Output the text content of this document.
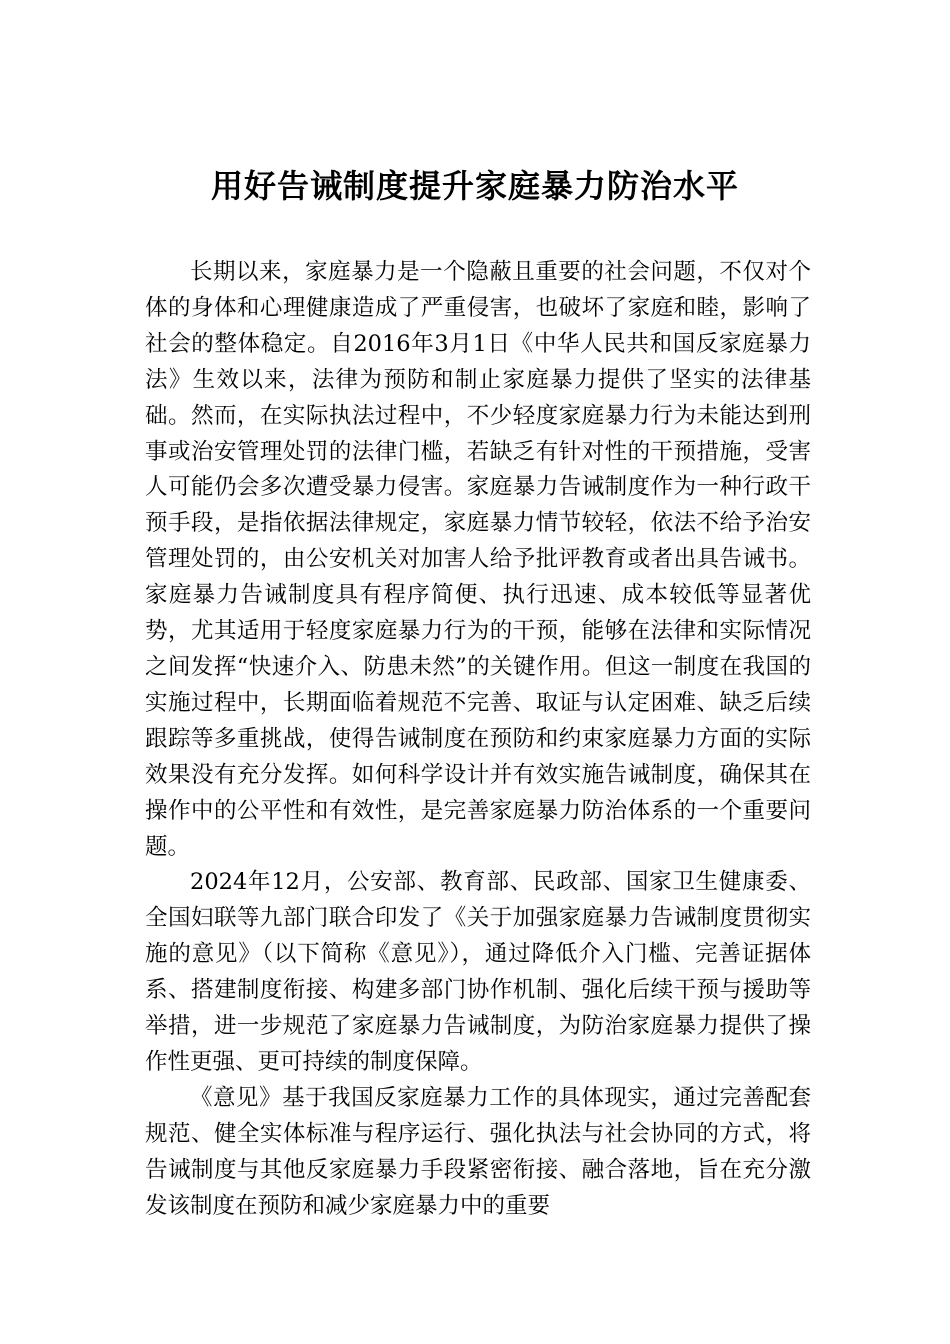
用好告诫制度提升家庭暴力防治水平

长期以来，家庭暴力是一个隐蔽且重要的社会问题，不仅对个体的身体和心理健康造成了严重侵害，也破坏了家庭和睦，影响了社会的整体稳定。自2016年3月1日《中华人民共和国反家庭暴力法》生效以来，法律为预防和制止家庭暴力提供了坚实的法律基础。然而，在实际执法过程中，不少轻度家庭暴力行为未能达到刑事或治安管理处罚的法律门槛，若缺乏有针对性的干预措施，受害人可能仍会多次遭受暴力侵害。家庭暴力告诫制度作为一种行政干预手段，是指依据法律规定，家庭暴力情节较轻，依法不给予治安管理处罚的，由公安机关对加害人给予批评教育或者出具告诫书。家庭暴力告诫制度具有程序简便、执行迅速、成本较低等显著优势，尤其适用于轻度家庭暴力行为的干预，能够在法律和实际情况之间发挥“快速介入、防患未然”的关键作用。但这一制度在我国的实施过程中，长期面临着规范不完善、取证与认定困难、缺乏后续跟踪等多重挑战，使得告诫制度在预防和约束家庭暴力方面的实际效果没有充分发挥。如何科学设计并有效实施告诫制度，确保其在操作中的公平性和有效性，是完善家庭暴力防治体系的一个重要问题。

2024年12月，公安部、教育部、民政部、国家卫生健康委、全国妇联等九部门联合印发了《关于加强家庭暴力告诫制度贯彻实施的意见》（以下简称《意见》），通过降低介入门槛、完善证据体系、搭建制度衔接、构建多部门协作机制、强化后续干预与援助等举措，进一步规范了家庭暴力告诫制度，为防治家庭暴力提供了操作性更强、更可持续的制度保障。

《意见》基于我国反家庭暴力工作的具体现实，通过完善配套规范、健全实体标准与程序运行、强化执法与社会协同的方式，将告诫制度与其他反家庭暴力手段紧密衔接、融合落地，旨在充分激发该制度在预防和减少家庭暴力中的重要
